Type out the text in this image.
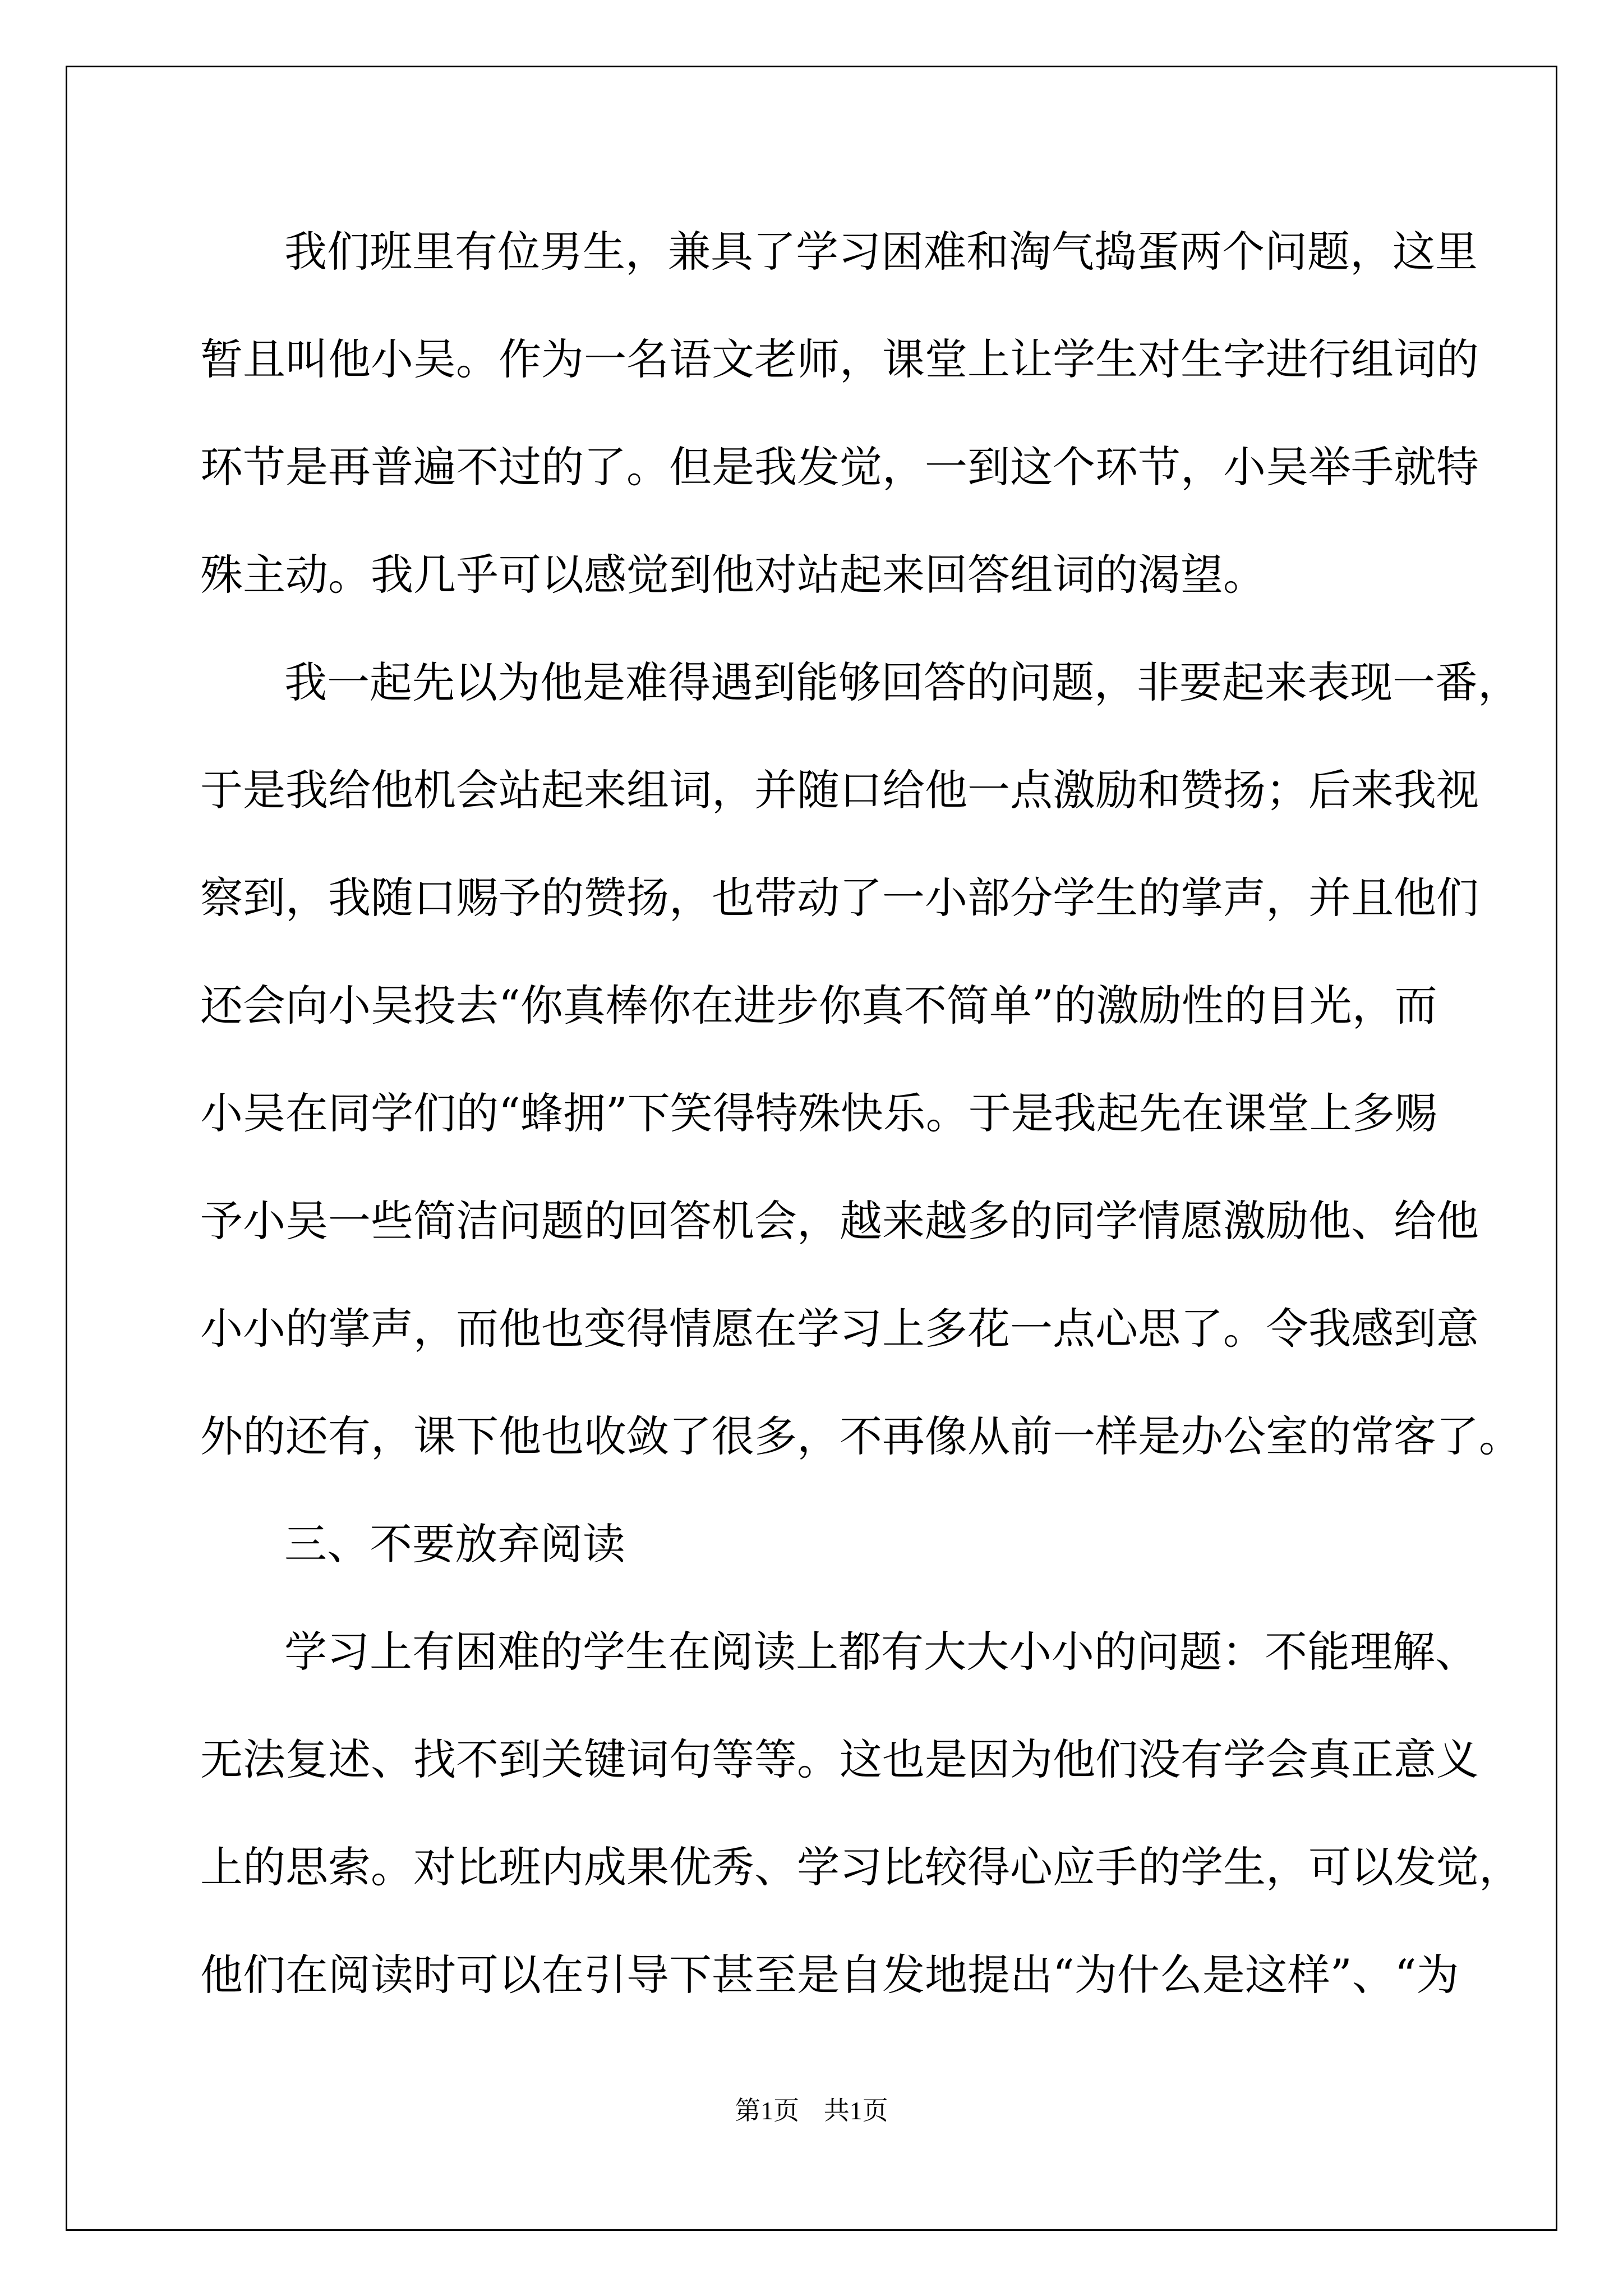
我们班里有位男生，兼具了学习困难和淘气捣蛋两个问题，这里
暂且叫他小吴。作为一名语文老师，课堂上让学生对生字进行组词的
环节是再普遍不过的了。但是我发觉，一到这个环节，小吴举手就特
殊主动。我几乎可以感觉到他对站起来回答组词的渴望。
我一起先以为他是难得遇到能够回答的问题，非要起来表现一番，
于是我给他机会站起来组词，并随口给他一点激励和赞扬；后来我视
察到，我随口赐予的赞扬，也带动了一小部分学生的掌声，并且他们
还会向小吴投去“你真棒你在进步你真不简单”的激励性的目光，而
小吴在同学们的“蜂拥”下笑得特殊快乐。于是我起先在课堂上多赐
予小吴一些简洁问题的回答机会，越来越多的同学情愿激励他、给他
小小的掌声，而他也变得情愿在学习上多花一点心思了。令我感到意
外的还有，课下他也收敛了很多，不再像从前一样是办公室的常客了。
三、不要放弃阅读
学习上有困难的学生在阅读上都有大大小小的问题：不能理解、
无法复述、找不到关键词句等等。这也是因为他们没有学会真正意义
上的思索。对比班内成果优秀、学习比较得心应手的学生，可以发觉，
他们在阅读时可以在引导下甚至是自发地提出“为什么是这样”、“为
第1页 共1页
